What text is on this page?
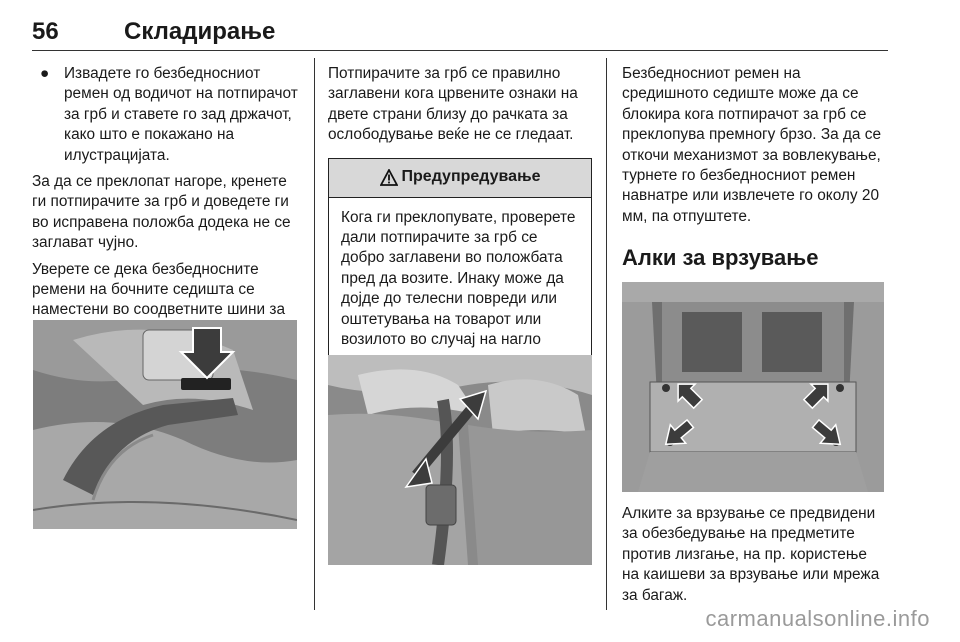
56	Складирање
● Извадете го безбедносниот ремен од водичот на потпирачот за грб и ставете го зад држачот, како што е покажано на илустрацијата.

За да се преклопат нагоре, кренете ги потпирачите за грб и доведете ги во исправена положба додека не се заглават чујно.

Уверете се дека безбедносните ремени на бочните седишта се наместени во соодветните шини за

Потпирачите за грб се правилно заглавени кога црвените ознаки на двете страни близу до рачката за ослободување веќе не се гледаат.

Предупредување
Кога ги преклопувате, проверете дали потпирачите за грб се добро заглавени во положбата пред да возите. Инаку може да дојде до телесни повреди или оштетувања на товарот или возилото во случај на нагло

Безбедносниот ремен на средишното седиште може да се блокира кога потпирачот за грб се преклопува премногу брзо. За да се откочи механизмот за вовлекување, турнете го безбедносниот ремен навнатре или извлечете го околу 20 мм, па отпуштете.

Алки за врзување

Алките за врзување се предвидени за обезбедување на предметите против лизгање, на пр. користење на каишеви за врзување или мрежа за багаж.

carmanualsonline.info
